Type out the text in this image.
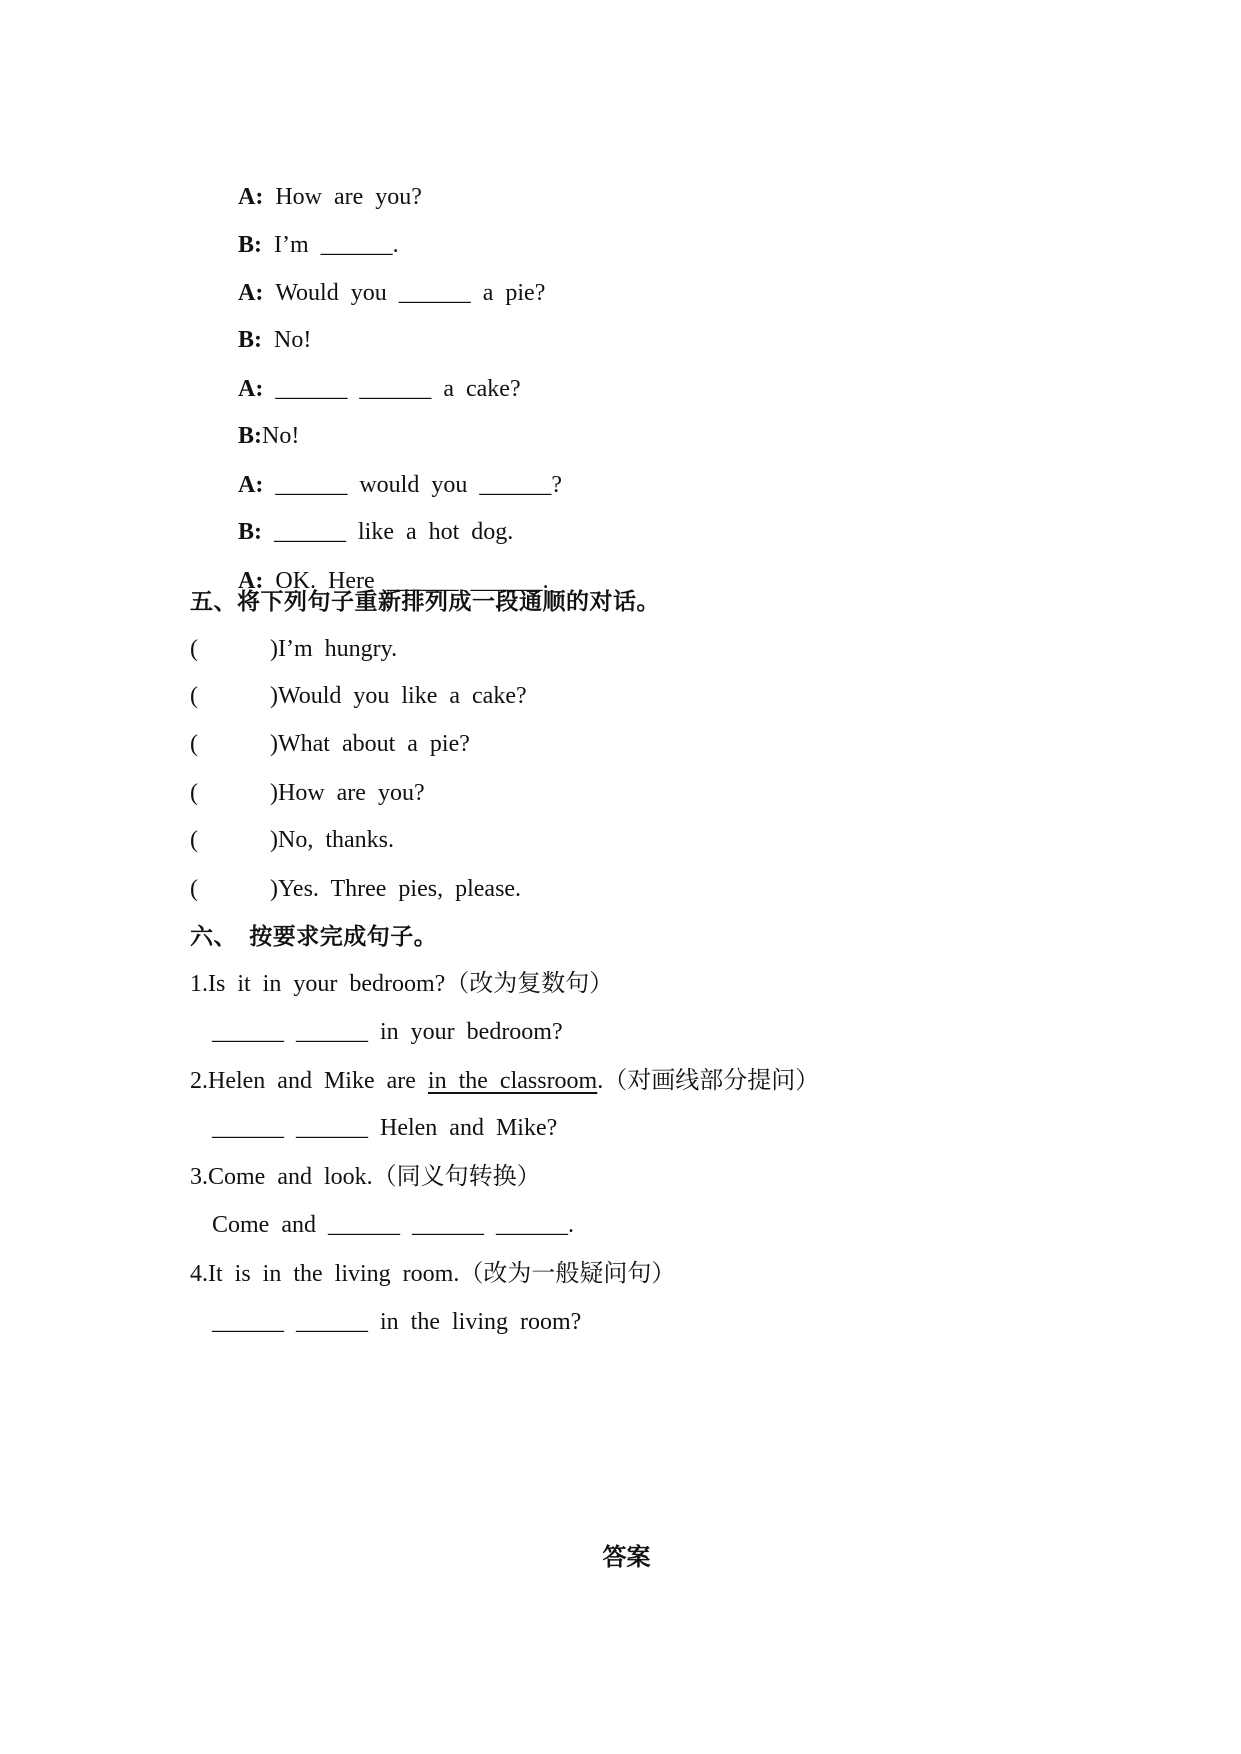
A: How are you?

B: I’m ______.

A: Would you ______ a pie?

B: No!

A: ______ ______ a cake?

B:No!

A: ______ would you ______?

B: ______ like a hot dog.

A: OK. Here ______ ______.

五、将下列句子重新排列成一段通顺的对话。
(      )I’m hungry.
(      )Would you like a cake?
(      )What about a pie?
(      )How are you?
(      )No, thanks.
(      )Yes. Three pies, please.
六、 按要求完成句子。
1.Is it in your bedroom?（改为复数句）
______ ______ in your bedroom?
2.Helen and Mike are in the classroom.（对画线部分提问）
______ ______ Helen and Mike?
3.Come and look.（同义句转换）
Come and ______ ______ ______.
4.It is in the living room.（改为一般疑问句）
______ ______ in the living room?
答案
